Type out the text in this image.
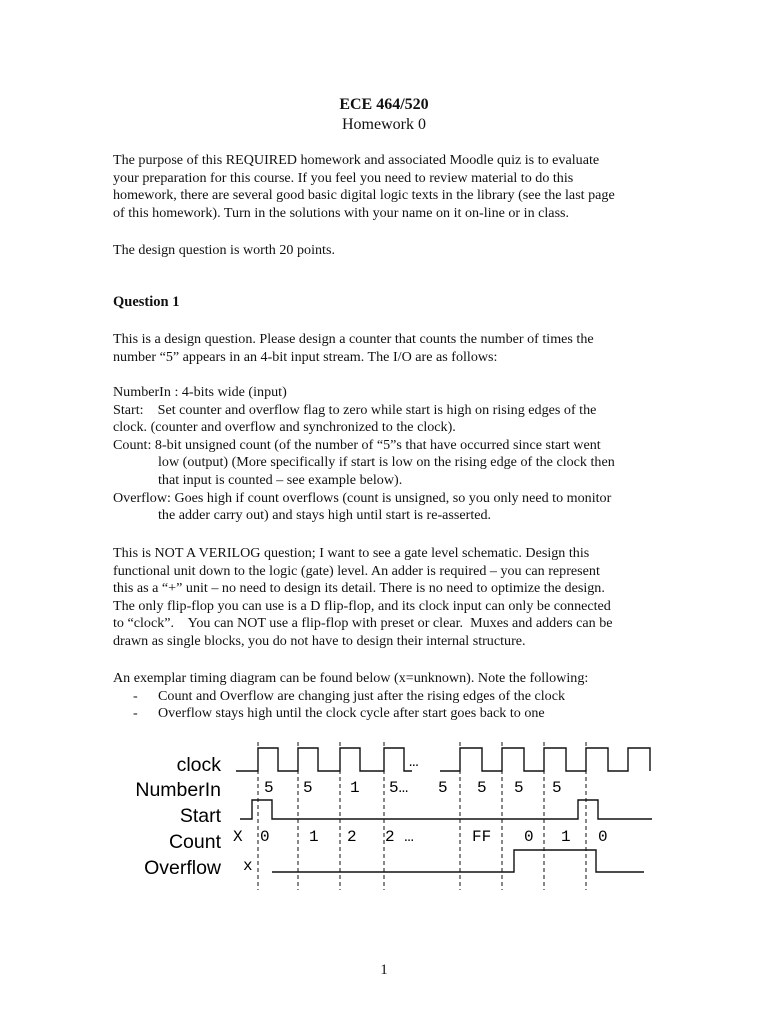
ECE 464/520
Homework 0
The purpose of this REQUIRED homework and associated Moodle quiz is to evaluate
your preparation for this course. If you feel you need to review material to do this
homework, there are several good basic digital logic texts in the library (see the last page
of this homework). Turn in the solutions with your name on it on-line or in class.
The design question is worth 20 points.
Question 1
This is a design question. Please design a counter that counts the number of times the
number “5” appears in an 4-bit input stream. The I/O are as follows:
NumberIn : 4-bits wide (input)
Start:    Set counter and overflow flag to zero while start is high on rising edges of the
clock. (counter and overflow and synchronized to the clock).
Count: 8-bit unsigned count (of the number of “5”s that have occurred since start went
low (output) (More specifically if start is low on the rising edge of the clock then
that input is counted – see example below).
Overflow: Goes high if count overflows (count is unsigned, so you only need to monitor
the adder carry out) and stays high until start is re-asserted.
This is NOT A VERILOG question; I want to see a gate level schematic. Design this
functional unit down to the logic (gate) level. An adder is required – you can represent
this as a “+” unit – no need to design its detail. There is no need to optimize the design.
The only flip-flop you can use is a D flip-flop, and its clock input can only be connected
to “clock”.    You can NOT use a flip-flop with preset or clear.  Muxes and adders can be
drawn as single blocks, you do not have to design their internal structure.
An exemplar timing diagram can be found below (x=unknown). Note the following:
- Count and Overflow are changing just after the rising edges of the clock
- Overflow stays high until the clock cycle after start goes back to one
clock
NumberIn
Start
Count
Overflow
…
5 5 1 5… 5 5 5 5
X 0 1 2 2 …	FF 0 1 0
x
1
